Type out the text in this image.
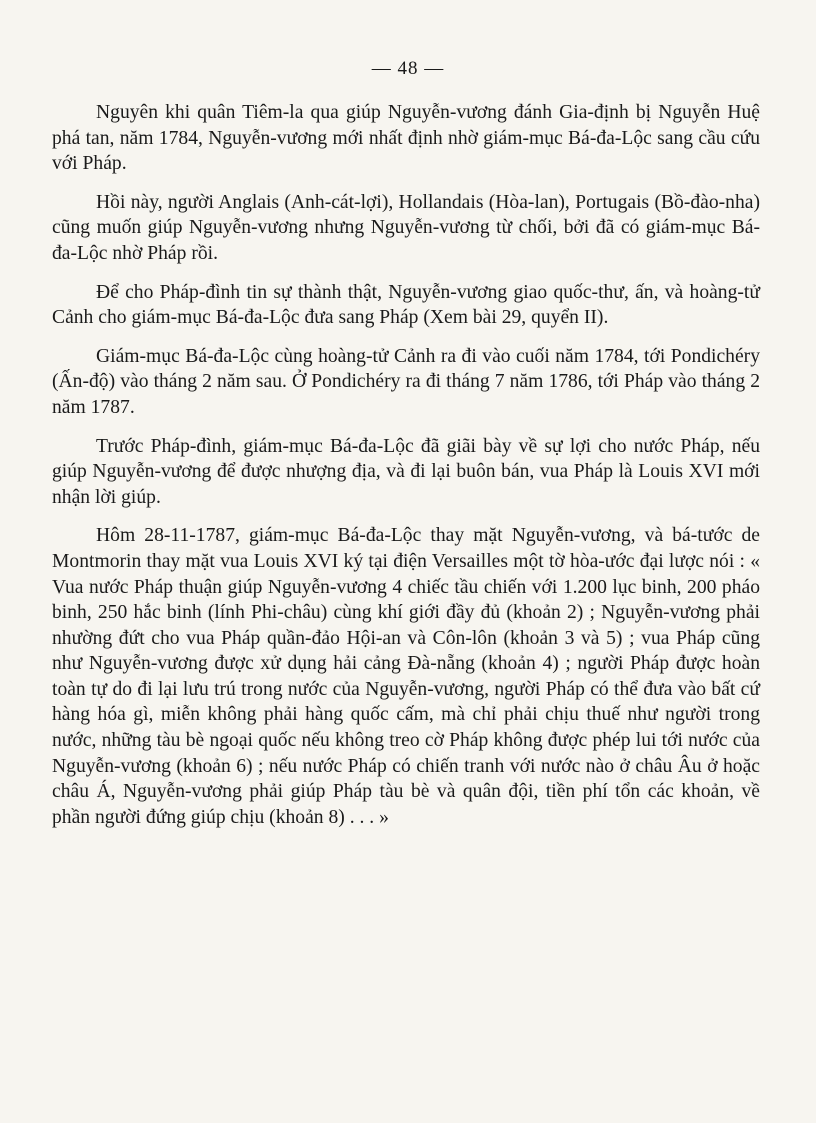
— 48 —

Nguyên khi quân Tiêm-la qua giúp Nguyễn-vương đánh Gia-định bị Nguyễn Huệ phá tan, năm 1784, Nguyễn-vương mới nhất định nhờ giám-mục Bá-đa-Lộc sang cầu cứu với Pháp.

Hồi này, người Anglais (Anh-cát-lợi), Hollandais (Hòa-lan), Portugais (Bồ-đào-nha) cũng muốn giúp Nguyễn-vương nhưng Nguyễn-vương từ chối, bởi đã có giám-mục Bá-đa-Lộc nhờ Pháp rồi.

Để cho Pháp-đình tin sự thành thật, Nguyễn-vương giao quốc-thư, ấn, và hoàng-tử Cảnh cho giám-mục Bá-đa-Lộc đưa sang Pháp (Xem bài 29, quyển II).

Giám-mục Bá-đa-Lộc cùng hoàng-tử Cảnh ra đi vào cuối năm 1784, tới Pondichéry (Ấn-độ) vào tháng 2 năm sau. Ở Pondichéry ra đi tháng 7 năm 1786, tới Pháp vào tháng 2 năm 1787.

Trước Pháp-đình, giám-mục Bá-đa-Lộc đã giãi bày về sự lợi cho nước Pháp, nếu giúp Nguyễn-vương để được nhượng địa, và đi lại buôn bán, vua Pháp là Louis XVI mới nhận lời giúp.

Hôm 28-11-1787, giám-mục Bá-đa-Lộc thay mặt Nguyễn-vương, và bá-tước de Montmorin thay mặt vua Louis XVI ký tại điện Versailles một tờ hòa-ước đại lược nói : « Vua nước Pháp thuận giúp Nguyễn-vương 4 chiếc tầu chiến với 1.200 lục binh, 200 pháo binh, 250 hắc binh (lính Phi-châu) cùng khí giới đầy đủ (khoản 2) ; Nguyễn-vương phải nhường đứt cho vua Pháp quần-đảo Hội-an và Côn-lôn (khoản 3 và 5) ; vua Pháp cũng như Nguyễn-vương được xử dụng hải cảng Đà-nẵng (khoản 4) ; người Pháp được hoàn toàn tự do đi lại lưu trú trong nước của Nguyễn-vương, người Pháp có thể đưa vào bất cứ hàng hóa gì, miễn không phải hàng quốc cấm, mà chỉ phải chịu thuế như người trong nước, những tàu bè ngoại quốc nếu không treo cờ Pháp không được phép lui tới nước của Nguyễn-vương (khoản 6) ; nếu nước Pháp có chiến tranh với nước nào ở châu Âu ở hoặc châu Á, Nguyễn-vương phải giúp Pháp tàu bè và quân đội, tiền phí tổn các khoản, về phần người đứng giúp chịu (khoản 8) . . . »
